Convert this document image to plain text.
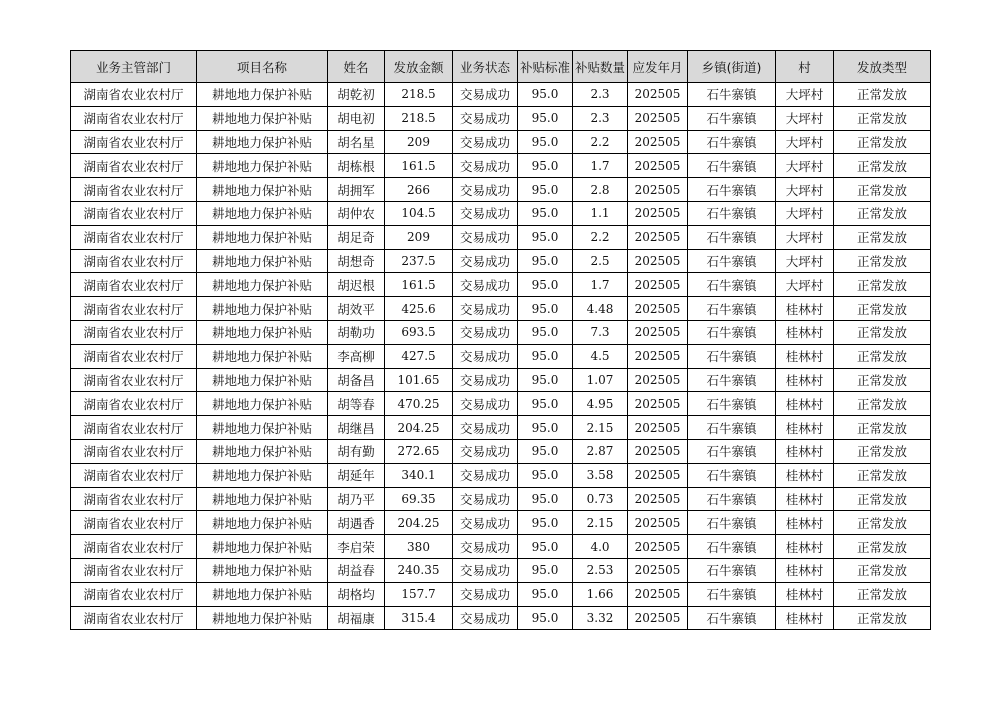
业务主管部门	项目名称	姓名	发放金额	业务状态	补贴标准	补贴数量	应发年月	乡镇(街道)	村	发放类型
湖南省农业农村厅	耕地地力保护补贴	胡乾初	218.5	交易成功	95.0	2.3	202505	石牛寨镇	大坪村	正常发放
湖南省农业农村厅	耕地地力保护补贴	胡电初	218.5	交易成功	95.0	2.3	202505	石牛寨镇	大坪村	正常发放
湖南省农业农村厅	耕地地力保护补贴	胡名星	209	交易成功	95.0	2.2	202505	石牛寨镇	大坪村	正常发放
湖南省农业农村厅	耕地地力保护补贴	胡栋根	161.5	交易成功	95.0	1.7	202505	石牛寨镇	大坪村	正常发放
湖南省农业农村厅	耕地地力保护补贴	胡拥军	266	交易成功	95.0	2.8	202505	石牛寨镇	大坪村	正常发放
湖南省农业农村厅	耕地地力保护补贴	胡仲农	104.5	交易成功	95.0	1.1	202505	石牛寨镇	大坪村	正常发放
湖南省农业农村厅	耕地地力保护补贴	胡足奇	209	交易成功	95.0	2.2	202505	石牛寨镇	大坪村	正常发放
湖南省农业农村厅	耕地地力保护补贴	胡想奇	237.5	交易成功	95.0	2.5	202505	石牛寨镇	大坪村	正常发放
湖南省农业农村厅	耕地地力保护补贴	胡迟根	161.5	交易成功	95.0	1.7	202505	石牛寨镇	大坪村	正常发放
湖南省农业农村厅	耕地地力保护补贴	胡效平	425.6	交易成功	95.0	4.48	202505	石牛寨镇	桂林村	正常发放
湖南省农业农村厅	耕地地力保护补贴	胡勒功	693.5	交易成功	95.0	7.3	202505	石牛寨镇	桂林村	正常发放
湖南省农业农村厅	耕地地力保护补贴	李高柳	427.5	交易成功	95.0	4.5	202505	石牛寨镇	桂林村	正常发放
湖南省农业农村厅	耕地地力保护补贴	胡备昌	101.65	交易成功	95.0	1.07	202505	石牛寨镇	桂林村	正常发放
湖南省农业农村厅	耕地地力保护补贴	胡等春	470.25	交易成功	95.0	4.95	202505	石牛寨镇	桂林村	正常发放
湖南省农业农村厅	耕地地力保护补贴	胡继昌	204.25	交易成功	95.0	2.15	202505	石牛寨镇	桂林村	正常发放
湖南省农业农村厅	耕地地力保护补贴	胡有勤	272.65	交易成功	95.0	2.87	202505	石牛寨镇	桂林村	正常发放
湖南省农业农村厅	耕地地力保护补贴	胡延年	340.1	交易成功	95.0	3.58	202505	石牛寨镇	桂林村	正常发放
湖南省农业农村厅	耕地地力保护补贴	胡乃平	69.35	交易成功	95.0	0.73	202505	石牛寨镇	桂林村	正常发放
湖南省农业农村厅	耕地地力保护补贴	胡遇香	204.25	交易成功	95.0	2.15	202505	石牛寨镇	桂林村	正常发放
湖南省农业农村厅	耕地地力保护补贴	李启荣	380	交易成功	95.0	4.0	202505	石牛寨镇	桂林村	正常发放
湖南省农业农村厅	耕地地力保护补贴	胡益春	240.35	交易成功	95.0	2.53	202505	石牛寨镇	桂林村	正常发放
湖南省农业农村厅	耕地地力保护补贴	胡格均	157.7	交易成功	95.0	1.66	202505	石牛寨镇	桂林村	正常发放
湖南省农业农村厅	耕地地力保护补贴	胡福康	315.4	交易成功	95.0	3.32	202505	石牛寨镇	桂林村	正常发放
